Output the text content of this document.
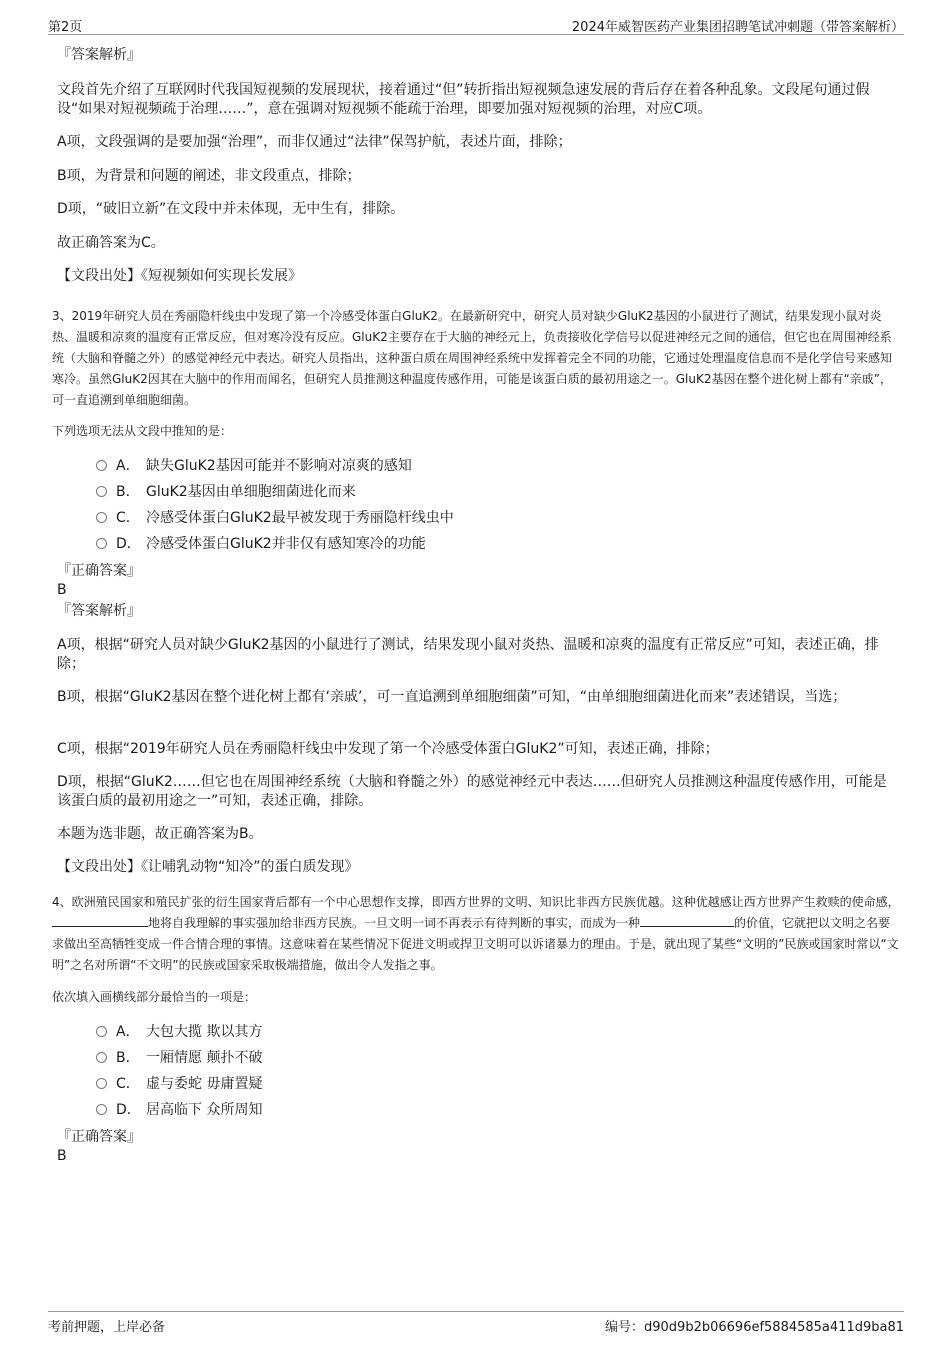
第2页	2024年威智医药产业集团招聘笔试冲刺题（带答案解析）
『答案解析』
文段首先介绍了互联网时代我国短视频的发展现状，接着通过“但”转折指出短视频急速发展的背后存在着各种乱象。文段尾句通过假设“如果对短视频疏于治理……”，意在强调对短视频不能疏于治理，即要加强对短视频的治理，对应C项。
A项，文段强调的是要加强“治理”，而非仅通过“法律”保驾护航，表述片面，排除；
B项，为背景和问题的阐述，非文段重点，排除；
D项，“破旧立新”在文段中并未体现，无中生有，排除。
故正确答案为C。
【文段出处】《短视频如何实现长发展》
3、2019年研究人员在秀丽隐杆线虫中发现了第一个冷感受体蛋白GluK2。在最新研究中，研究人员对缺少GluK2基因的小鼠进行了测试，结果发现小鼠对炎热、温暖和凉爽的温度有正常反应，但对寒冷没有反应。GluK2主要存在于大脑的神经元上，负责接收化学信号以促进神经元之间的通信，但它也在周围神经系统（大脑和脊髓之外）的感觉神经元中表达。研究人员指出，这种蛋白质在周围神经系统中发挥着完全不同的功能，它通过处理温度信息而不是化学信号来感知寒冷。虽然GluK2因其在大脑中的作用而闻名，但研究人员推测这种温度传感作用，可能是该蛋白质的最初用途之一。GluK2基因在整个进化树上都有“亲戚”，可一直追溯到单细胞细菌。
下列选项无法从文段中推知的是：
A． 缺失GluK2基因可能并不影响对凉爽的感知
B． GluK2基因由单细胞细菌进化而来
C． 冷感受体蛋白GluK2最早被发现于秀丽隐杆线虫中
D． 冷感受体蛋白GluK2并非仅有感知寒冷的功能
『正确答案』
B
『答案解析』
A项，根据“研究人员对缺少GluK2基因的小鼠进行了测试，结果发现小鼠对炎热、温暖和凉爽的温度有正常反应”可知，表述正确，排除；
B项，根据“GluK2基因在整个进化树上都有‘亲戚’，可一直追溯到单细胞细菌”可知，“由单细胞细菌进化而来”表述错误，当选；
C项，根据“2019年研究人员在秀丽隐杆线虫中发现了第一个冷感受体蛋白GluK2”可知，表述正确，排除；
D项，根据“GluK2……但它也在周围神经系统（大脑和脊髓之外）的感觉神经元中表达……但研究人员推测这种温度传感作用，可能是该蛋白质的最初用途之一”可知，表述正确，排除。
本题为选非题，故正确答案为B。
【文段出处】《让哺乳动物“知冷”的蛋白质发现》
4、欧洲殖民国家和殖民扩张的衍生国家背后都有一个中心思想作支撑，即西方世界的文明、知识比非西方民族优越。这种优越感让西方世界产生救赎的使命感，地将自我理解的事实强加给非西方民族。一旦文明一词不再表示有待判断的事实，而成为一种	的价值，它就把以文明之名要求做出至高牺牲变成一件合情合理的事情。这意味着在某些情况下促进文明或捍卫文明可以诉诸暴力的理由。于是，就出现了某些“文明的”民族或国家时常以“文明”之名对所谓“不文明”的民族或国家采取极端措施，做出令人发指之事。
依次填入画横线部分最恰当的一项是：
A． 大包大揽 欺以其方
B． 一厢情愿 颠扑不破
C． 虚与委蛇 毋庸置疑
D． 居高临下 众所周知
『正确答案』
B
考前押题，上岸必备	编号：d90d9b2b06696ef5884585a411d9ba81
